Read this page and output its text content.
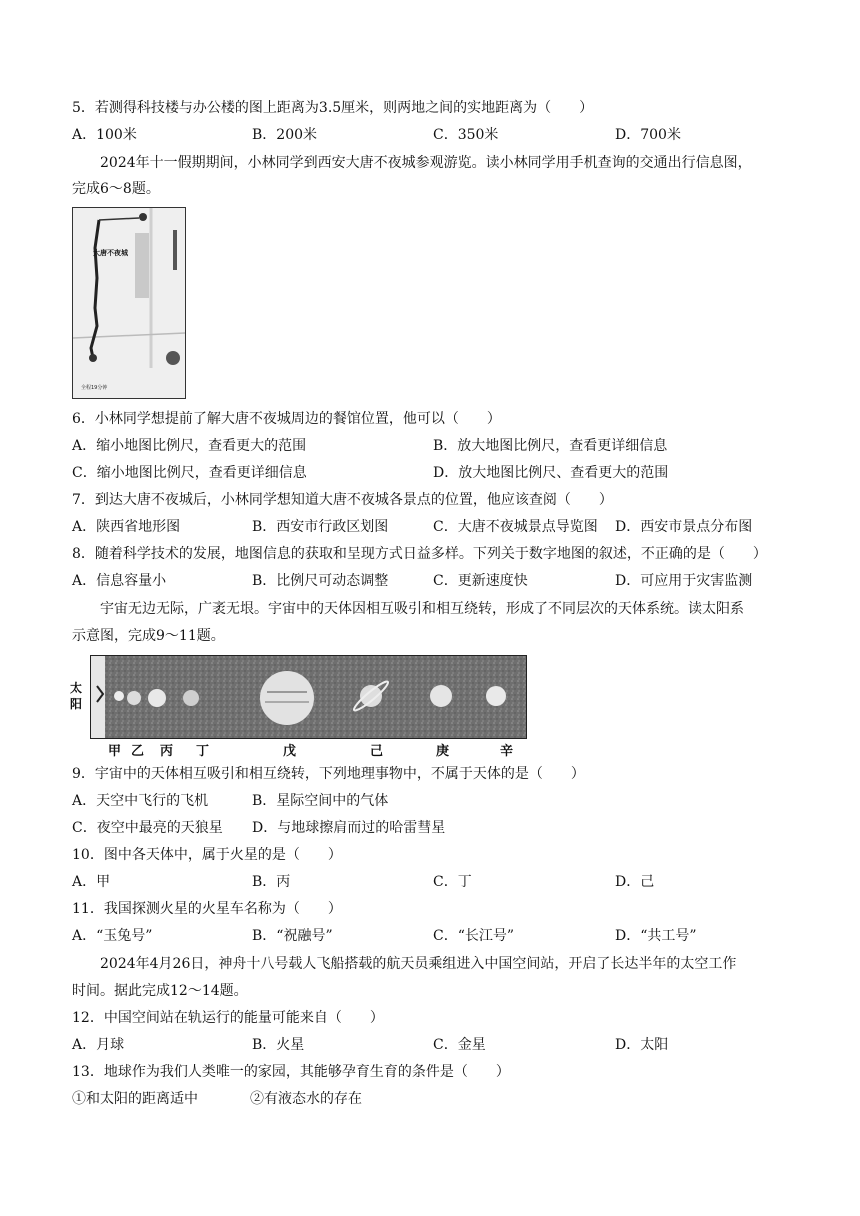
5．若测得科技楼与办公楼的图上距离为3.5厘米，则两地之间的实地距离为（　　）
A．100米	B．200米	C．350米	D．700米
2024年十一假期期间，小林同学到西安大唐不夜城参观游览。读小林同学用手机查询的交通出行信息图，
完成6～8题。
大唐不夜城
全程19分钟
6．小林同学想提前了解大唐不夜城周边的餐馆位置，他可以（　　）
A．缩小地图比例尺，查看更大的范围	B．放大地图比例尺，查看更详细信息
C．缩小地图比例尺，查看更详细信息	D．放大地图比例尺、查看更大的范围
7．到达大唐不夜城后，小林同学想知道大唐不夜城各景点的位置，他应该查阅（　　）
A．陕西省地形图	B．西安市行政区划图	C．大唐不夜城景点导览图 D．西安市景点分布图
8．随着科学技术的发展，地图信息的获取和呈现方式日益多样。下列关于数字地图的叙述，不正确的是（　　）
A．信息容量小	B．比例尺可动态调整	C．更新速度快	D．可应用于灾害监测
宇宙无边无际，广袤无垠。宇宙中的天体因相互吸引和相互绕转，形成了不同层次的天体系统。读太阳系
示意图，完成9～11题。
太阳
甲 乙 丙 丁	戊	己	庚	辛
9．宇宙中的天体相互吸引和相互绕转，下列地理事物中，不属于天体的是（　　）
A．天空中飞行的飞机	B．星际空间中的气体
C．夜空中最亮的天狼星 D．与地球擦肩而过的哈雷彗星
10．图中各天体中，属于火星的是（　　）
A．甲	B．丙	C．丁	D．己
11．我国探测火星的火星车名称为（　　）
A．“玉兔号”	B．“祝融号”	C．“长江号”	D．“共工号”
2024年4月26日，神舟十八号载人飞船搭载的航天员乘组进入中国空间站，开启了长达半年的太空工作
时间。据此完成12～14题。
12．中国空间站在轨运行的能量可能来自（　　）
A．月球	B．火星	C．金星	D．太阳
13．地球作为我们人类唯一的家园，其能够孕育生育的条件是（　　）
①和太阳的距离适中	②有液态水的存在
